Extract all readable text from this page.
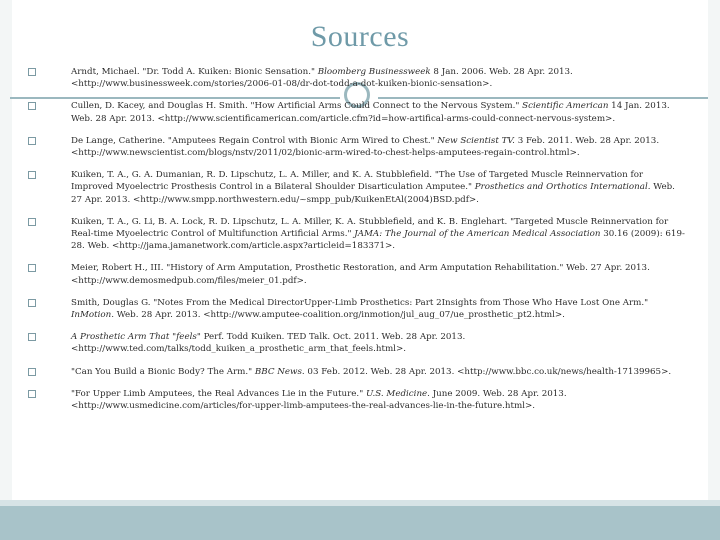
Sources
Arndt, Michael. "Dr. Todd A. Kuiken: Bionic Sensation." Bloomberg Businessweek 8 Jan. 2006. Web. 28 Apr. 2013. <http://www.businessweek.com/stories/2006-01-08/dr-dot-todd-a-dot-kuiken-bionic-sensation>.
Cullen, D. Kacey, and Douglas H. Smith. "How Artificial Arms Could Connect to the Nervous System." Scientific American 14 Jan. 2013. Web. 28 Apr. 2013. <http://www.scientificamerican.com/article.cfm?id=how-artifical-arms-could-connect-nervous-system>.
De Lange, Catherine. "Amputees Regain Control with Bionic Arm Wired to Chest." New Scientist TV. 3 Feb. 2011. Web. 28 Apr. 2013. <http://www.newscientist.com/blogs/nstv/2011/02/bionic-arm-wired-to-chest-helps-amputees-regain-control.html>.
Kuiken, T. A., G. A. Dumanian, R. D. Lipschutz, L. A. Miller, and K. A. Stubblefield. "The Use of Targeted Muscle Reinnervation for Improved Myoelectric Prosthesis Control in a Bilateral Shoulder Disarticulation Amputee." Prosthetics and Orthotics International. Web. 27 Apr. 2013. <http://www.smpp.northwestern.edu/~smpp_pub/KuikenEtAl(2004)BSD.pdf>.
Kuiken, T. A., G. Li, B. A. Lock, R. D. Lipschutz, L. A. Miller, K. A. Stubblefield, and K. B. Englehart. "Targeted Muscle Reinnervation for Real-time Myoelectric Control of Multifunction Artificial Arms." JAMA: The Journal of the American Medical Association 30.16 (2009): 619-28. Web. <http://jama.jamanetwork.com/article.aspx?articleid=183371>.
Meier, Robert H., III. "History of Arm Amputation, Prosthetic Restoration, and Arm Amputation Rehabilitation." Web. 27 Apr. 2013. <http://www.demosmedpub.com/files/meier_01.pdf>.
Smith, Douglas G. "Notes From the Medical DirectorUpper-Limb Prosthetics: Part 2Insights from Those Who Have Lost One Arm." InMotion. Web. 28 Apr. 2013. <http://www.amputee-coalition.org/inmotion/jul_aug_07/ue_prosthetic_pt2.html>.
A Prosthetic Arm That "feels" Perf. Todd Kuiken. TED Talk. Oct. 2011. Web. 28 Apr. 2013. <http://www.ted.com/talks/todd_kuiken_a_prosthetic_arm_that_feels.html>.
"Can You Build a Bionic Body? The Arm." BBC News. 03 Feb. 2012. Web. 28 Apr. 2013. <http://www.bbc.co.uk/news/health-17139965>.
"For Upper Limb Amputees, the Real Advances Lie in the Future." U.S. Medicine. June 2009. Web. 28 Apr. 2013. <http://www.usmedicine.com/articles/for-upper-limb-amputees-the-real-advances-lie-in-the-future.html>.
